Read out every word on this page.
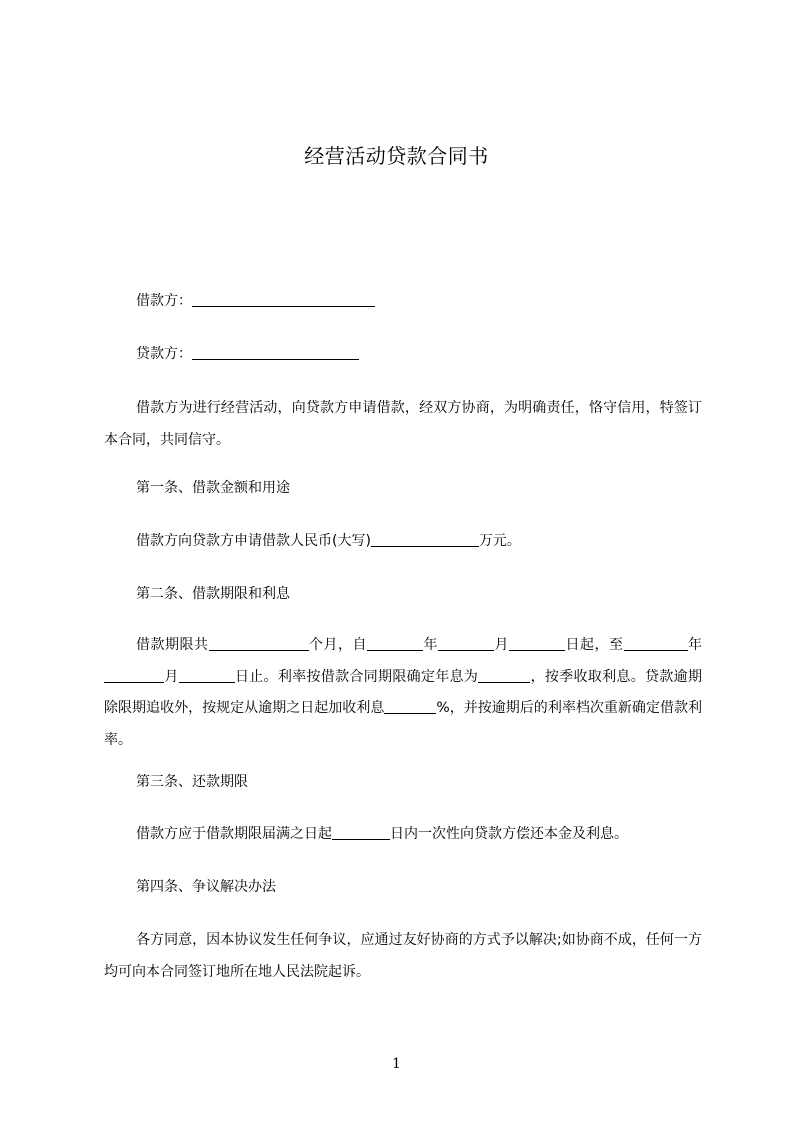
经营活动贷款合同书
借款方：
贷款方：
借款方为进行经营活动，向贷款方申请借款，经双方协商，为明确责任，恪守信用，特签订本合同，共同信守。
第一条、借款金额和用途
借款方向贷款方申请借款人民币(大写)	万元。
第二条、借款期限和利息
借款期限共	个月，自	年	月	日起，至	年月	日止。利率按借款合同期限确定年息为	，按季收取利息。贷款逾期除限期追收外，按规定从逾期之日起加收利息	%，并按逾期后的利率档次重新确定借款利率。
第三条、还款期限
借款方应于借款期限届满之日起	日内一次性向贷款方偿还本金及利息。
第四条、争议解决办法
各方同意，因本协议发生任何争议，应通过友好协商的方式予以解决;如协商不成，任何一方均可向本合同签订地所在地人民法院起诉。
1
